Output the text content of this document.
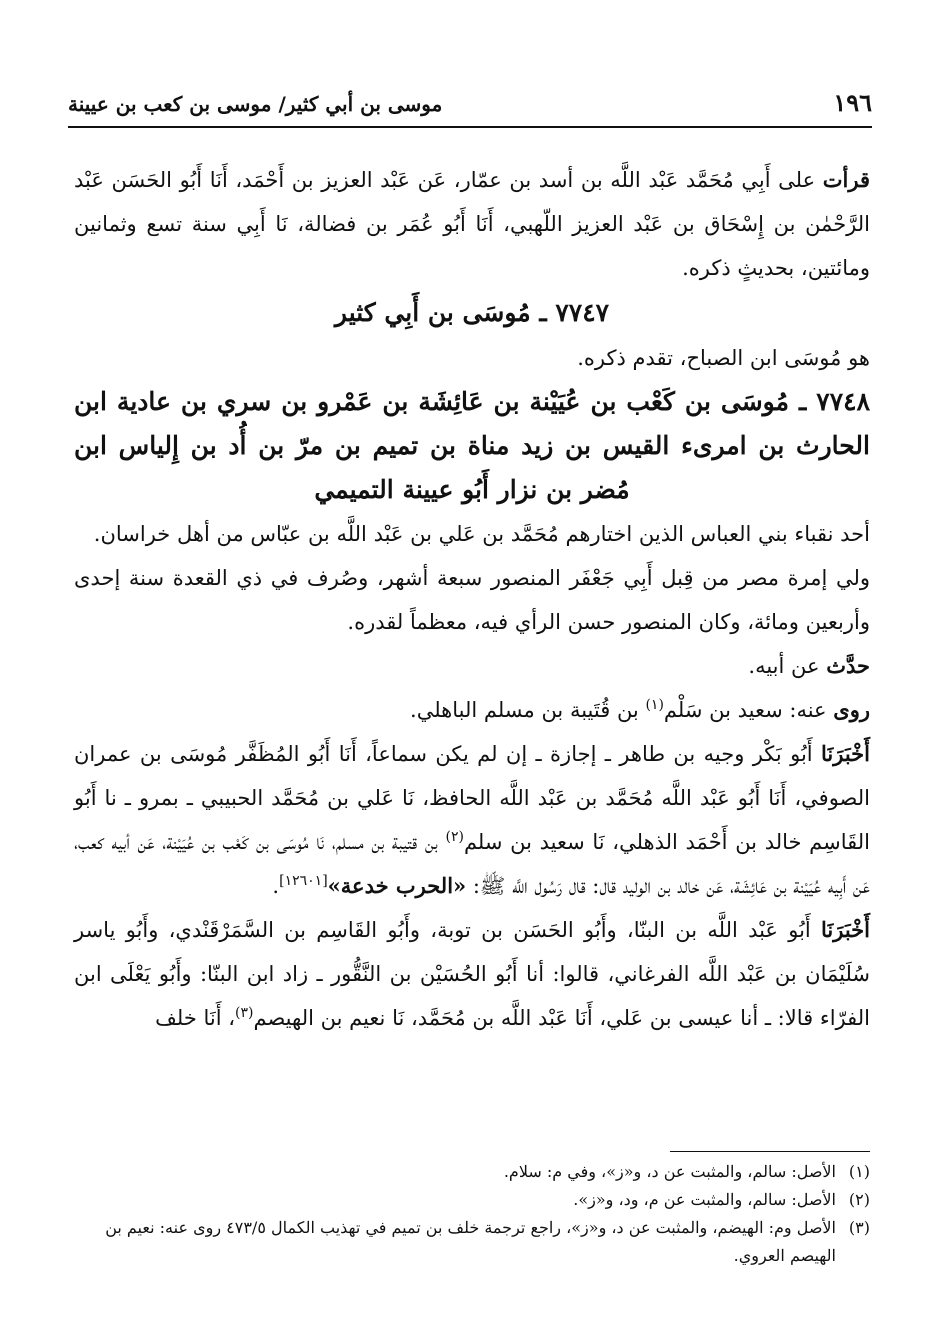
١٩٦
موسى بن أبي كثير/ موسى بن كعب بن عيينة

قرأت على أَبِي مُحَمَّد عَبْد اللَّه بن أسد بن عمّار، عَن عَبْد العزيز بن أَحْمَد، أَنَا أَبُو الحَسَن عَبْد الرَّحْمٰن بن إِسْحَاق بن عَبْد العزيز اللّهبي، أَنَا أَبُو عُمَر بن فضالة، نَا أَبِي سنة تسع وثمانين ومائتين، بحديثٍ ذكره.

٧٧٤٧ ـ مُوسَى بن أَبِي كثير

هو مُوسَى ابن الصباح، تقدم ذكره.

٧٧٤٨ ـ مُوسَى بن كَعْب بن عُيَيْنة بن عَائِشَة بن عَمْرو بن سري بن عادية ابن الحارث بن امرىء القيس بن زيد مناة بن تميم بن مرّ بن أُد بن إِلياس ابن مُضر بن نزار أَبُو عيينة التميمي

أحد نقباء بني العباس الذين اختارهم مُحَمَّد بن عَلي بن عَبْد اللَّه بن عبّاس من أهل خراسان.

ولي إمرة مصر من قِبل أَبِي جَعْفَر المنصور سبعة أشهر، وصُرف في ذي القعدة سنة إحدى وأربعين ومائة، وكان المنصور حسن الرأي فيه، معظماً لقدره.

حدَّث عن أبيه.

روى عنه: سعيد بن سَلْم$^{(١)}$ بن قُتَيبة بن مسلم الباهلي.

أَخْبَرَنَا أَبُو بَكْر وجيه بن طاهر ـ إجازة ـ إن لم يكن سماعاً، أَنَا أَبُو المُظَفَّر مُوسَى بن عمران الصوفي، أَنَا أَبُو عَبْد اللَّه مُحَمَّد بن عَبْد اللَّه الحافظ، نَا عَلي بن مُحَمَّد الحبيبي ـ بمرو ـ نا أَبُو القَاسِم خالد بن أَحْمَد الذهلي، نَا سعيد بن سلم$^{(٢)}$ بن قتيبة بن مسلم، نَا مُوسَى بن كَعْب بن عُيَيْنة، عَن أبيه كعب، عَن أَبِيه عُيَيْنة بن عَائِشَة، عَن خالد بن الوليد قال: قال رَسُول اللَّه ﷺ: «الحرب خدعة»[١٢٦٠١].

أَخْبَرَنَا أَبُو عَبْد اللَّه بن البنّا، وأَبُو الحَسَن بن توبة، وأَبُو القَاسِم بن السَّمَرْقَنْدي، وأَبُو ياسر سُلَيْمَان بن عَبْد اللَّه الفرغاني، قالوا: أنا أَبُو الحُسَيْن بن النَّقُّور ـ زاد ابن البنّا: وأَبُو يَعْلَى ابن الفرّاء قالا: ـ أنا عيسى بن عَلي، أَنَا عَبْد اللَّه بن مُحَمَّد، نَا نعيم بن الهيصم$^{(٣)}$، أَنَا خلف

(١)
الأصل: سالم، والمثبت عن د، و«ز»، وفي م: سلام.
(٢)
الأصل: سالم، والمثبت عن م، ود، و«ز».
(٣)
الأصل وم: الهيضم، والمثبت عن د، و«ز»، راجع ترجمة خلف بن تميم في تهذيب الكمال ٤٧٣/٥ روى عنه: نعيم بن الهيصم العروي.
